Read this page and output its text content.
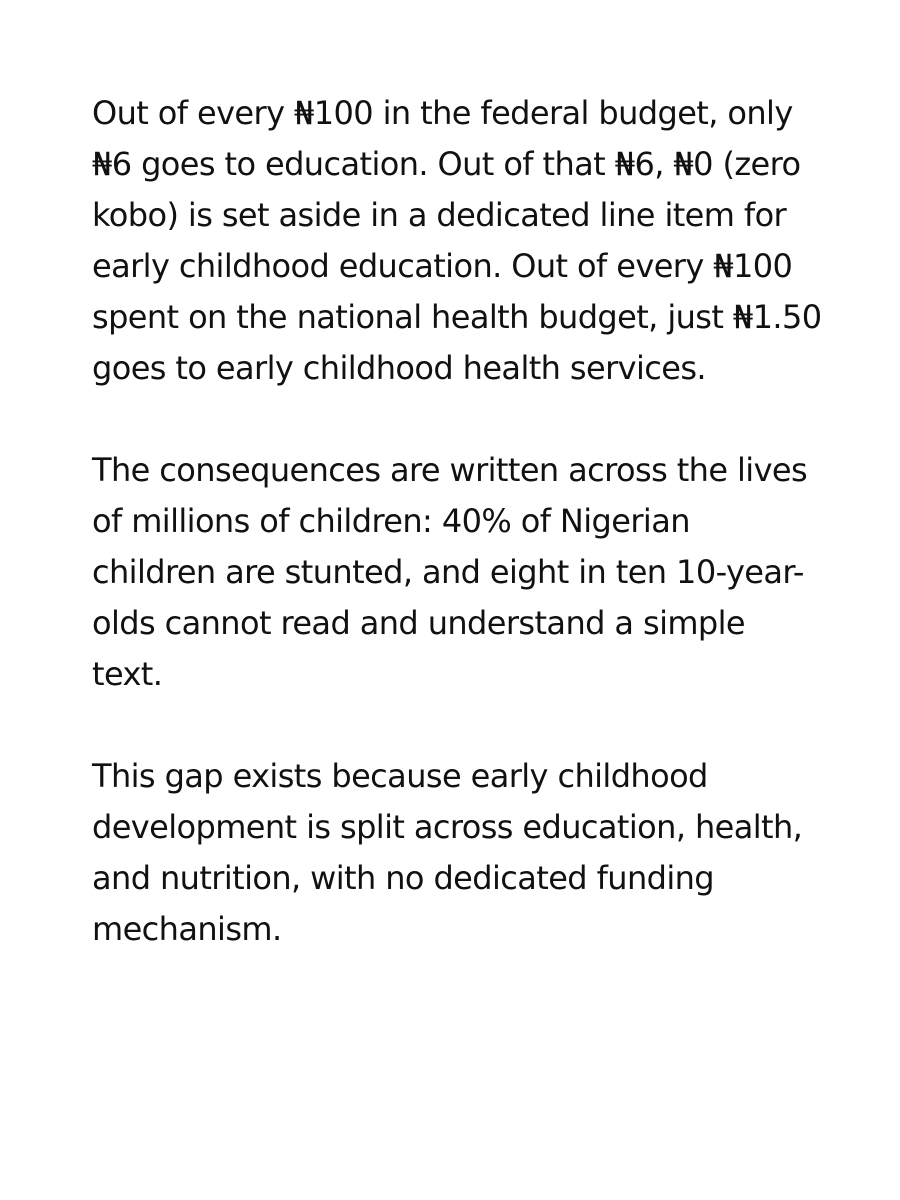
Out of every ₦100 in the federal budget, only ₦6 goes to education. Out of that ₦6, ₦0 (zero kobo) is set aside in a dedicated line item for early childhood education. Out of every ₦100 spent on the national health budget, just ₦1.50 goes to early childhood health services.

The consequences are written across the lives of millions of children: 40% of Nigerian children are stunted, and eight in ten 10-year-olds cannot read and understand a simple text.

This gap exists because early childhood development is split across education, health, and nutrition, with no dedicated funding mechanism.
